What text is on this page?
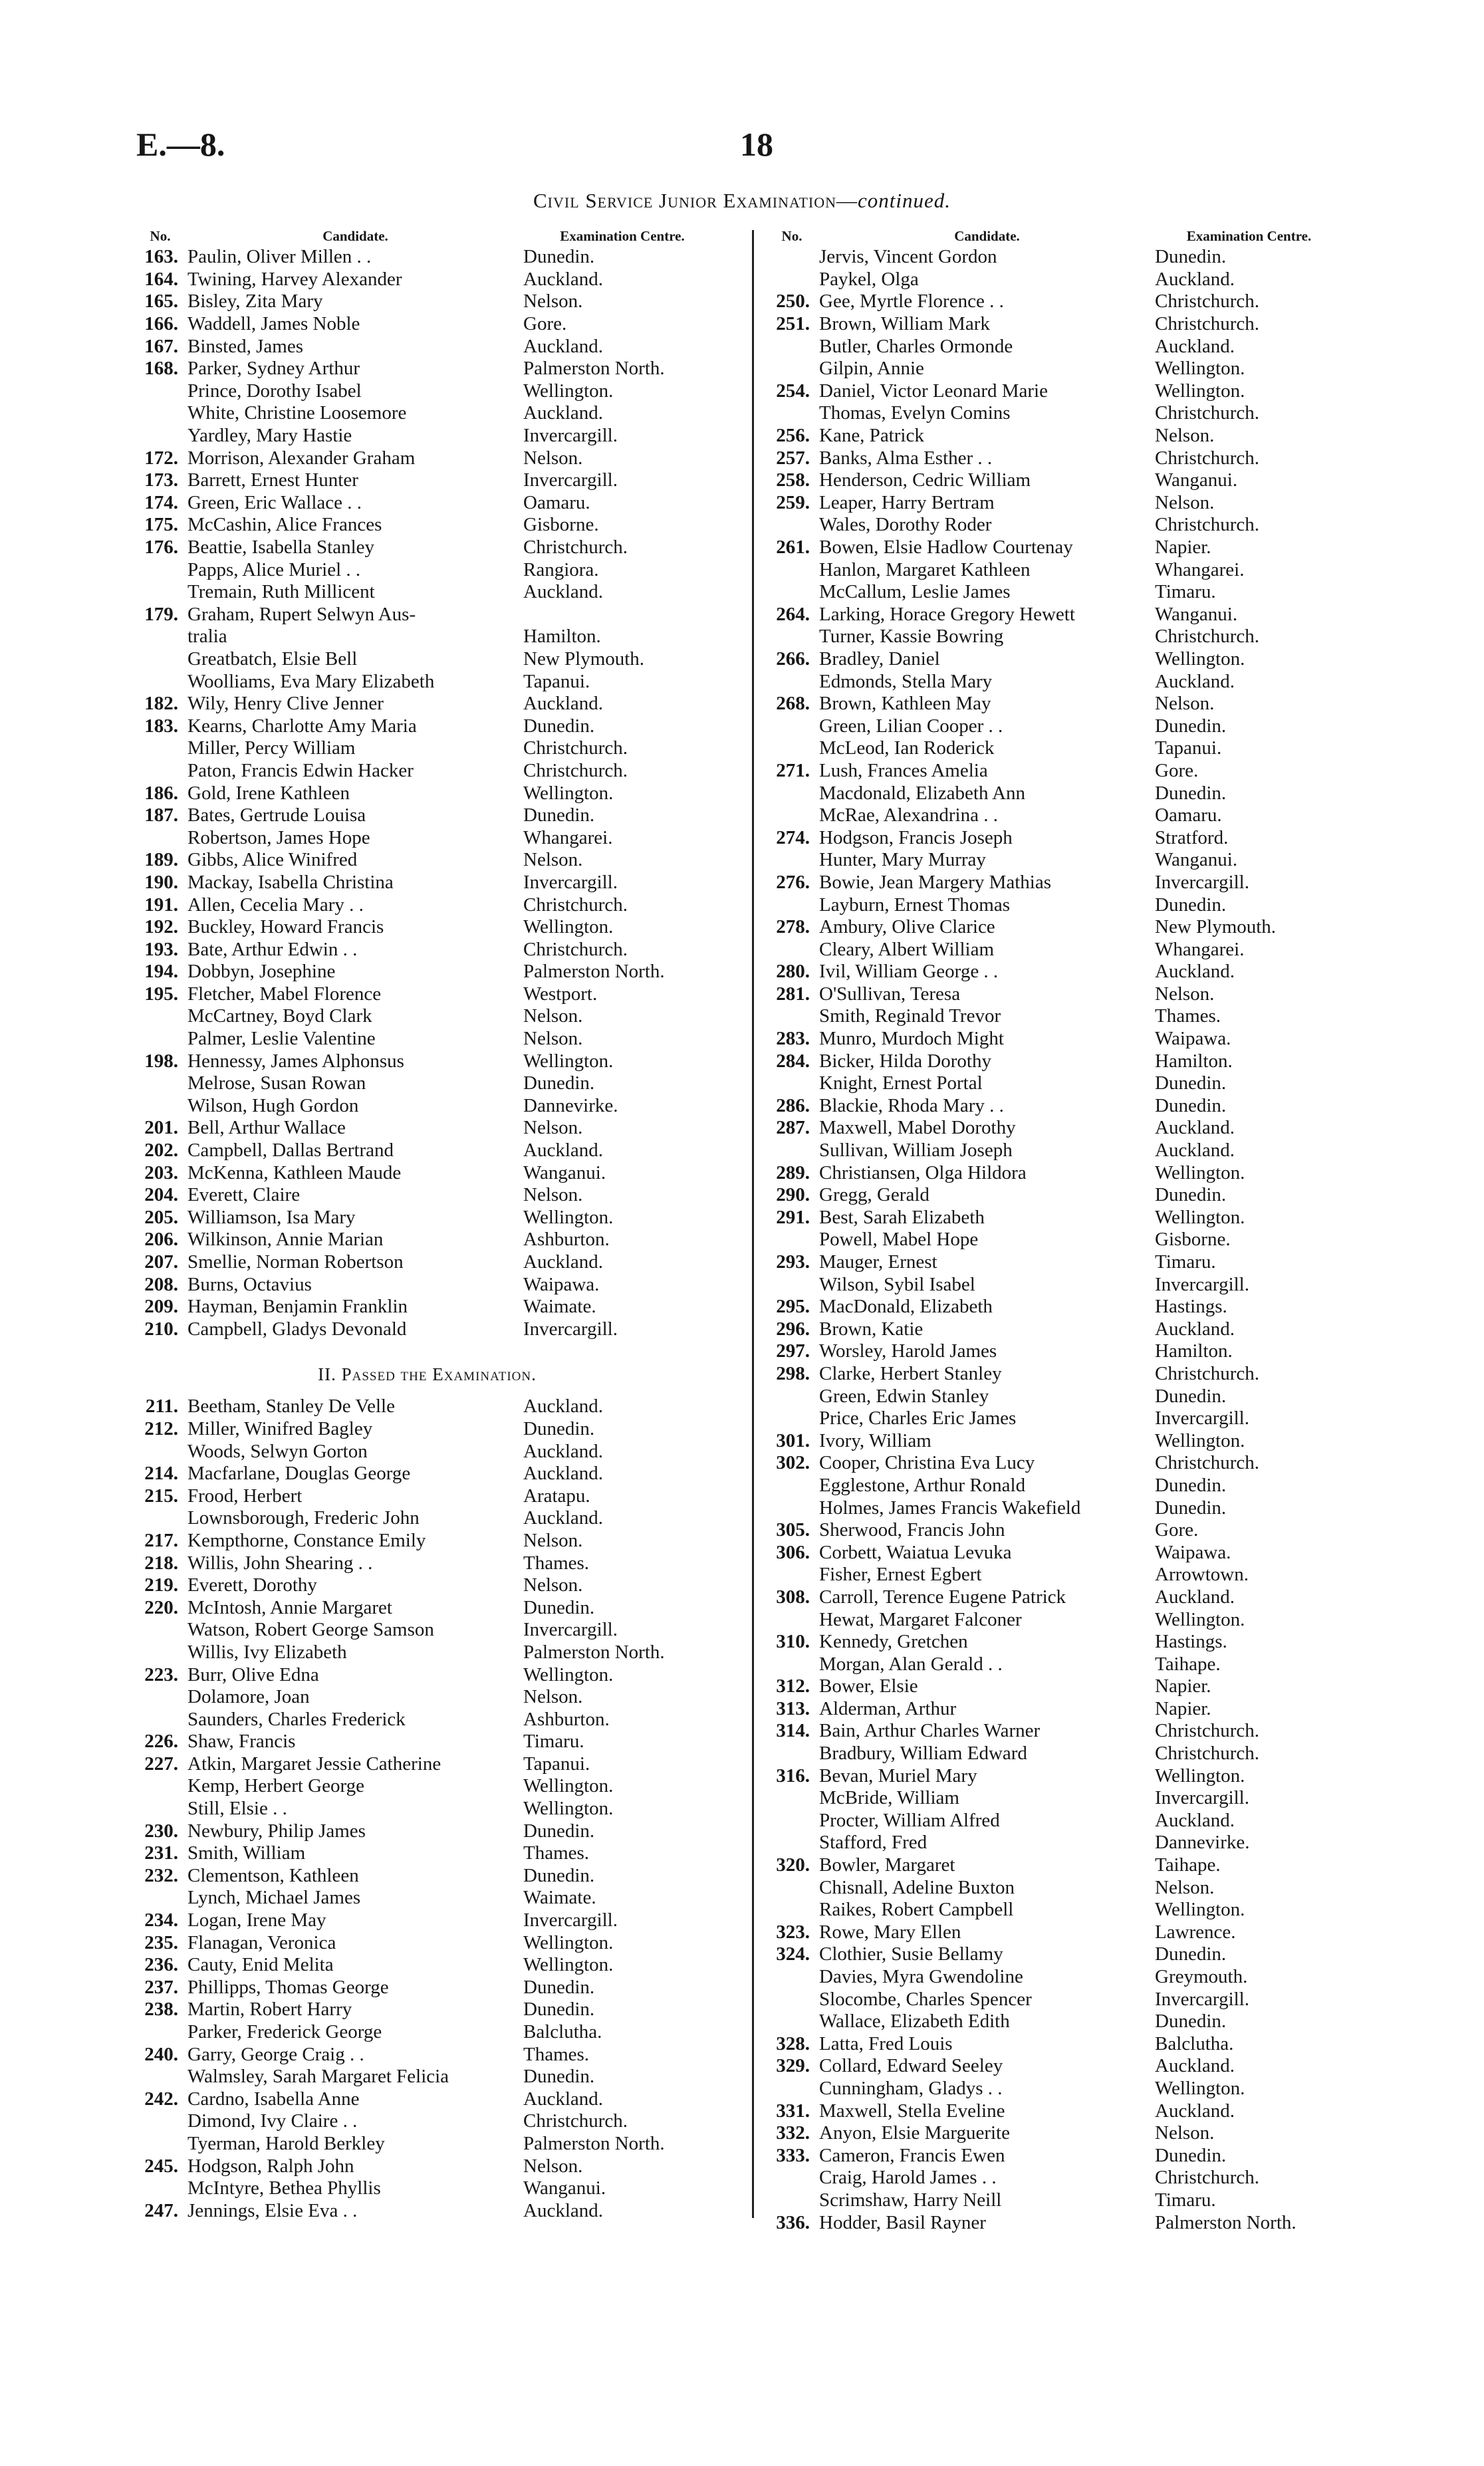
E.—8.	18
Civil Service Junior Examination—continued.
No.	Candidate.	Examination Centre.
163. Paulin, Oliver Millen . .	Dunedin.
164. Twining, Harvey Alexander	Auckland.
165. Bisley, Zita Mary	Nelson.
166. Waddell, James Noble	Gore.
167. Binsted, James	Auckland.
168. Parker, Sydney Arthur	Palmerston North.
Prince, Dorothy Isabel	Wellington.
White, Christine Loosemore	Auckland.
Yardley, Mary Hastie	Invercargill.
172. Morrison, Alexander Graham	Nelson.
173. Barrett, Ernest Hunter	Invercargill.
174. Green, Eric Wallace . .	Oamaru.
175. McCashin, Alice Frances	Gisborne.
176. Beattie, Isabella Stanley	Christchurch.
Papps, Alice Muriel . .	Rangiora.
Tremain, Ruth Millicent	Auckland.
179. Graham, Rupert Selwyn Aus-
tralia	Hamilton.
Greatbatch, Elsie Bell	New Plymouth.
Woolliams, Eva Mary Elizabeth	Tapanui.
182. Wily, Henry Clive Jenner	Auckland.
183. Kearns, Charlotte Amy Maria	Dunedin.
Miller, Percy William	Christchurch.
Paton, Francis Edwin Hacker	Christchurch.
186. Gold, Irene Kathleen	Wellington.
187. Bates, Gertrude Louisa	Dunedin.
Robertson, James Hope	Whangarei.
189. Gibbs, Alice Winifred	Nelson.
190. Mackay, Isabella Christina	Invercargill.
191. Allen, Cecelia Mary . .	Christchurch.
192. Buckley, Howard Francis	Wellington.
193. Bate, Arthur Edwin . .	Christchurch.
194. Dobbyn, Josephine	Palmerston North.
195. Fletcher, Mabel Florence	Westport.
McCartney, Boyd Clark	Nelson.
Palmer, Leslie Valentine	Nelson.
198. Hennessy, James Alphonsus	Wellington.
Melrose, Susan Rowan	Dunedin.
Wilson, Hugh Gordon	Dannevirke.
201. Bell, Arthur Wallace	Nelson.
202. Campbell, Dallas Bertrand	Auckland.
203. McKenna, Kathleen Maude	Wanganui.
204. Everett, Claire	Nelson.
205. Williamson, Isa Mary	Wellington.
206. Wilkinson, Annie Marian	Ashburton.
207. Smellie, Norman Robertson	Auckland.
208. Burns, Octavius	Waipawa.
209. Hayman, Benjamin Franklin	Waimate.
210. Campbell, Gladys Devonald	Invercargill.
II. Passed the Examination.
211. Beetham, Stanley De Velle	Auckland.
212. Miller, Winifred Bagley	Dunedin.
Woods, Selwyn Gorton	Auckland.
214. Macfarlane, Douglas George	Auckland.
215. Frood, Herbert	Aratapu.
Lownsborough, Frederic John	Auckland.
217. Kempthorne, Constance Emily	Nelson.
218. Willis, John Shearing . .	Thames.
219. Everett, Dorothy	Nelson.
220. McIntosh, Annie Margaret	Dunedin.
Watson, Robert George Samson	Invercargill.
Willis, Ivy Elizabeth	Palmerston North.
223. Burr, Olive Edna	Wellington.
Dolamore, Joan	Nelson.
Saunders, Charles Frederick	Ashburton.
226. Shaw, Francis	Timaru.
227. Atkin, Margaret Jessie Catherine	Tapanui.
Kemp, Herbert George	Wellington.
Still, Elsie . .	Wellington.
230. Newbury, Philip James	Dunedin.
231. Smith, William	Thames.
232. Clementson, Kathleen	Dunedin.
Lynch, Michael James	Waimate.
234. Logan, Irene May	Invercargill.
235. Flanagan, Veronica	Wellington.
236. Cauty, Enid Melita	Wellington.
237. Phillipps, Thomas George	Dunedin.
238. Martin, Robert Harry	Dunedin.
Parker, Frederick George	Balclutha.
240. Garry, George Craig . .	Thames.
Walmsley, Sarah Margaret Felicia	Dunedin.
242. Cardno, Isabella Anne	Auckland.
Dimond, Ivy Claire . .	Christchurch.
Tyerman, Harold Berkley	Palmerston North.
245. Hodgson, Ralph John	Nelson.
McIntyre, Bethea Phyllis	Wanganui.
247. Jennings, Elsie Eva . .	Auckland.
No.	Candidate.	Examination Centre.
Jervis, Vincent Gordon	Dunedin.
Paykel, Olga	Auckland.
250. Gee, Myrtle Florence . .	Christchurch.
251. Brown, William Mark	Christchurch.
Butler, Charles Ormonde	Auckland.
Gilpin, Annie	Wellington.
254. Daniel, Victor Leonard Marie	Wellington.
Thomas, Evelyn Comins	Christchurch.
256. Kane, Patrick	Nelson.
257. Banks, Alma Esther . .	Christchurch.
258. Henderson, Cedric William	Wanganui.
259. Leaper, Harry Bertram	Nelson.
Wales, Dorothy Roder	Christchurch.
261. Bowen, Elsie Hadlow Courtenay	Napier.
Hanlon, Margaret Kathleen	Whangarei.
McCallum, Leslie James	Timaru.
264. Larking, Horace Gregory Hewett	Wanganui.
Turner, Kassie Bowring	Christchurch.
266. Bradley, Daniel	Wellington.
Edmonds, Stella Mary	Auckland.
268. Brown, Kathleen May	Nelson.
Green, Lilian Cooper . .	Dunedin.
McLeod, Ian Roderick	Tapanui.
271. Lush, Frances Amelia	Gore.
Macdonald, Elizabeth Ann	Dunedin.
McRae, Alexandrina . .	Oamaru.
274. Hodgson, Francis Joseph	Stratford.
Hunter, Mary Murray	Wanganui.
276. Bowie, Jean Margery Mathias	Invercargill.
Layburn, Ernest Thomas	Dunedin.
278. Ambury, Olive Clarice	New Plymouth.
Cleary, Albert William	Whangarei.
280. Ivil, William George . .	Auckland.
281. O'Sullivan, Teresa	Nelson.
Smith, Reginald Trevor	Thames.
283. Munro, Murdoch Might	Waipawa.
284. Bicker, Hilda Dorothy	Hamilton.
Knight, Ernest Portal	Dunedin.
286. Blackie, Rhoda Mary . .	Dunedin.
287. Maxwell, Mabel Dorothy	Auckland.
Sullivan, William Joseph	Auckland.
289. Christiansen, Olga Hildora	Wellington.
290. Gregg, Gerald	Dunedin.
291. Best, Sarah Elizabeth	Wellington.
Powell, Mabel Hope	Gisborne.
293. Mauger, Ernest	Timaru.
Wilson, Sybil Isabel	Invercargill.
295. MacDonald, Elizabeth	Hastings.
296. Brown, Katie	Auckland.
297. Worsley, Harold James	Hamilton.
298. Clarke, Herbert Stanley	Christchurch.
Green, Edwin Stanley	Dunedin.
Price, Charles Eric James	Invercargill.
301. Ivory, William	Wellington.
302. Cooper, Christina Eva Lucy	Christchurch.
Egglestone, Arthur Ronald	Dunedin.
Holmes, James Francis Wakefield	Dunedin.
305. Sherwood, Francis John	Gore.
306. Corbett, Waiatua Levuka	Waipawa.
Fisher, Ernest Egbert	Arrowtown.
308. Carroll, Terence Eugene Patrick	Auckland.
Hewat, Margaret Falconer	Wellington.
310. Kennedy, Gretchen	Hastings.
Morgan, Alan Gerald . .	Taihape.
312. Bower, Elsie	Napier.
313. Alderman, Arthur	Napier.
314. Bain, Arthur Charles Warner	Christchurch.
Bradbury, William Edward	Christchurch.
316. Bevan, Muriel Mary	Wellington.
McBride, William	Invercargill.
Procter, William Alfred	Auckland.
Stafford, Fred	Dannevirke.
320. Bowler, Margaret	Taihape.
Chisnall, Adeline Buxton	Nelson.
Raikes, Robert Campbell	Wellington.
323. Rowe, Mary Ellen	Lawrence.
324. Clothier, Susie Bellamy	Dunedin.
Davies, Myra Gwendoline	Greymouth.
Slocombe, Charles Spencer	Invercargill.
Wallace, Elizabeth Edith	Dunedin.
328. Latta, Fred Louis	Balclutha.
329. Collard, Edward Seeley	Auckland.
Cunningham, Gladys . .	Wellington.
331. Maxwell, Stella Eveline	Auckland.
332. Anyon, Elsie Marguerite	Nelson.
333. Cameron, Francis Ewen	Dunedin.
Craig, Harold James . .	Christchurch.
Scrimshaw, Harry Neill	Timaru.
336. Hodder, Basil Rayner	Palmerston North.
